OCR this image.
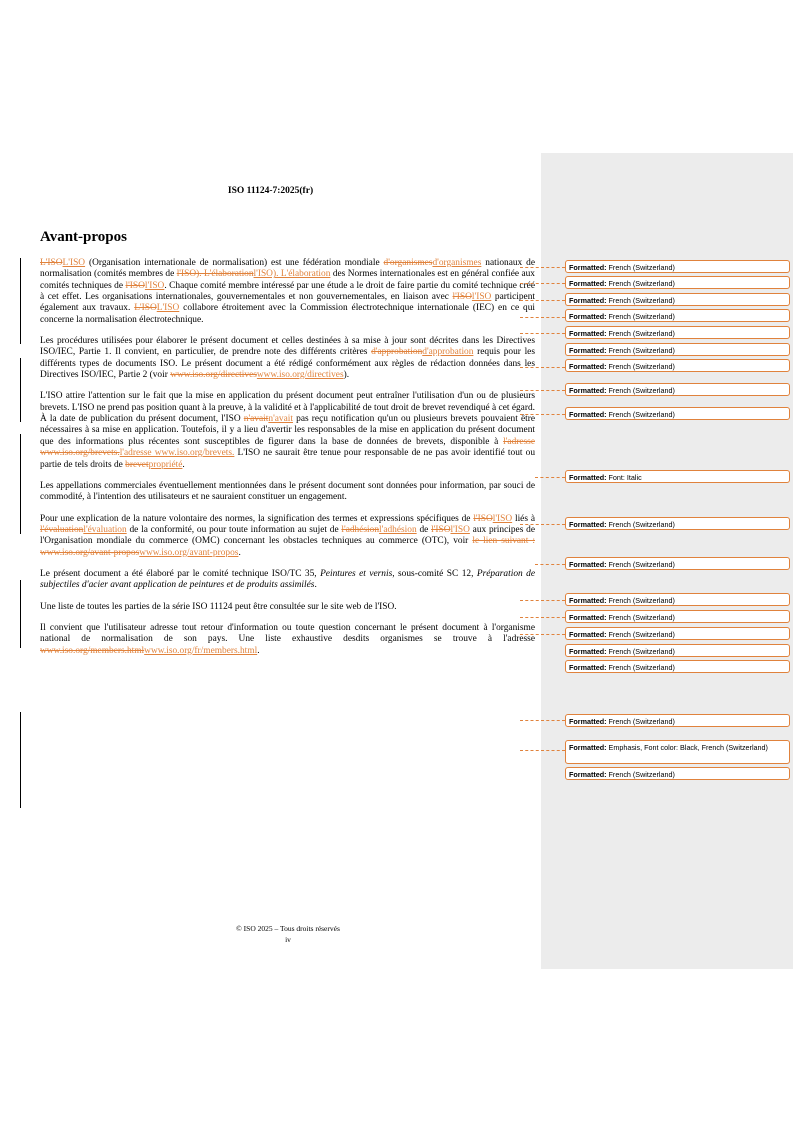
ISO 11124-7:2025(fr)
Avant-propos

L'ISOL'ISO (Organisation internationale de normalisation) est une fédération mondiale d'organismesd'organismes nationaux de normalisation (comités membres de l'ISO). L'élaborationl'ISO). L'élaboration des Normes internationales est en général confiée aux comités techniques de l'ISOl'ISO. Chaque comité membre intéressé par une étude a le droit de faire partie du comité technique créé à cet effet. Les organisations internationales, gouvernementales et non gouvernementales, en liaison avec l'ISOl'ISO participent également aux travaux. L'ISOL'ISO collabore étroitement avec la Commission électrotechnique internationale (IEC) en ce qui concerne la normalisation électrotechnique.

Les procédures utilisées pour élaborer le présent document et celles destinées à sa mise à jour sont décrites dans les Directives ISO/IEC, Partie 1. Il convient, en particulier, de prendre note des différents critères d'approbationd'approbation requis pour les différents types de documents ISO. Le présent document a été rédigé conformément aux règles de rédaction données dans les Directives ISO/IEC, Partie 2 (voir www.iso.org/directiveswww.iso.org/directives).

L'ISO attire l'attention sur le fait que la mise en application du présent document peut entraîner l'utilisation d'un ou de plusieurs brevets. L'ISO ne prend pas position quant à la preuve, à la validité et à l'applicabilité de tout droit de brevet revendiqué à cet égard. À la date de publication du présent document, l'ISO n'avaitn'avait pas reçu notification qu'un ou plusieurs brevets pouvaient être nécessaires à sa mise en application. Toutefois, il y a lieu d'avertir les responsables de la mise en application du présent document que des informations plus récentes sont susceptibles de figurer dans la base de données de brevets, disponible à l'adresse www.iso.org/brevets.l'adresse www.iso.org/brevets. L'ISO ne saurait être tenue pour responsable de ne pas avoir identifié tout ou partie de tels droits de brevetpropriété.

Les appellations commerciales éventuellement mentionnées dans le présent document sont données pour information, par souci de commodité, à l'intention des utilisateurs et ne sauraient constituer un engagement.

Pour une explication de la nature volontaire des normes, la signification des termes et expressions spécifiques de l'ISOl'ISO liés à l'évaluationl'évaluation de la conformité, ou pour toute information au sujet de l'adhésionl'adhésion de l'ISOl'ISO aux principes de l'Organisation mondiale du commerce (OMC) concernant les obstacles techniques au commerce (OTC), voir le lien suivant : www.iso.org/avant-proposwww.iso.org/avant-propos.

Le présent document a été élaboré par le comité technique ISO/TC 35, Peintures et vernis, sous-comité SC 12, Préparation de subjectiles d'acier avant application de peintures et de produits assimilés.

Une liste de toutes les parties de la série ISO 11124 peut être consultée sur le site web de l'ISO.

Il convient que l'utilisateur adresse tout retour d'information ou toute question concernant le présent document à l'organisme national de normalisation de son pays. Une liste exhaustive desdits organismes se trouve à l'adresse www.iso.org/members.htmlwww.iso.org/fr/members.html.

Formatted: French (Switzerland)
Formatted: French (Switzerland)
Formatted: French (Switzerland)
Formatted: French (Switzerland)
Formatted: French (Switzerland)
Formatted: French (Switzerland)
Formatted: French (Switzerland)
Formatted: French (Switzerland)
Formatted: French (Switzerland)
Formatted: Font: Italic
Formatted: French (Switzerland)
Formatted: French (Switzerland)
Formatted: French (Switzerland)
Formatted: French (Switzerland)
Formatted: French (Switzerland)
Formatted: French (Switzerland)
Formatted: French (Switzerland)
Formatted: French (Switzerland)
Formatted: Emphasis, Font color: Black, French (Switzerland)
Formatted: French (Switzerland)
© ISO 2025 – Tous droits réservés
iv
